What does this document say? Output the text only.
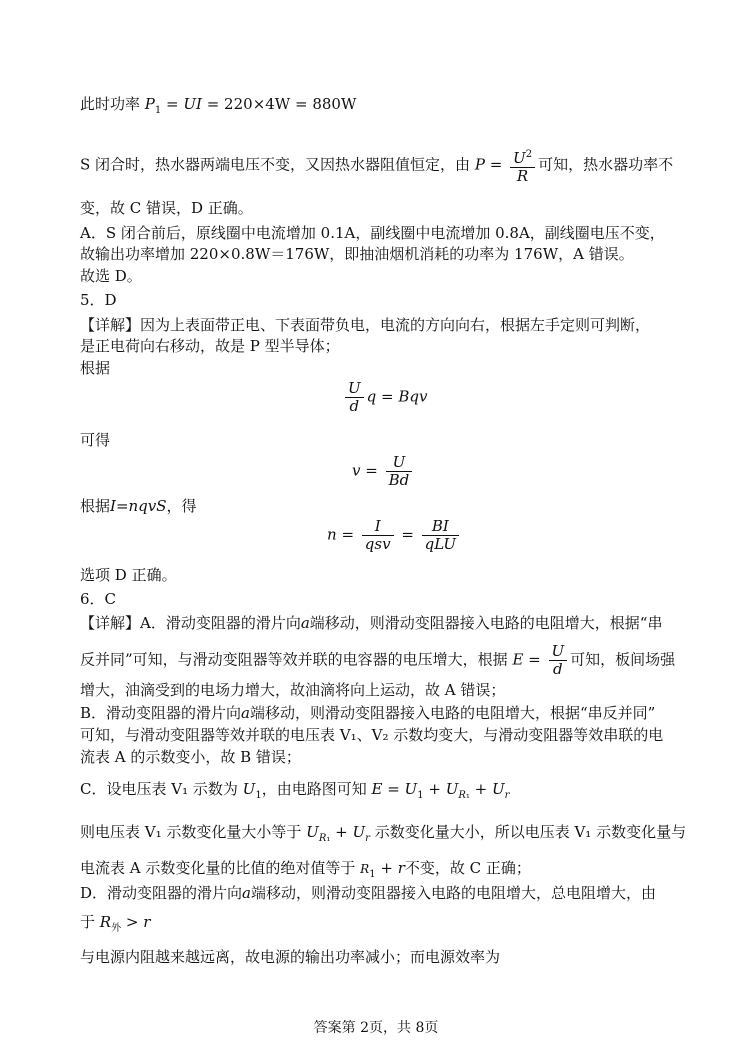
此时功率 $P_1$ = UI = 220×4W = 880W
S 闭合时，热水器两端电压不变，又因热水器阻值恒定，由 $P = \frac{U^2}{R}$ 可知，热水器功率不
变，故 C 错误，D 正确。
A．S 闭合前后，原线圈中电流增加 0.1A，副线圈中电流增加 0.8A，副线圈电压不变，
故输出功率增加 220×0.8W＝176W，即抽油烟机消耗的功率为 176W，A 错误。
故选 D。
5．D
【详解】因为上表面带正电、下表面带负电，电流的方向向右，根据左手定则可判断，
是正电荷向右移动，故是 P 型半导体；
根据
$\frac{U}{d}$ q = Bqv
可得
$v = \frac{U}{Bd}$
根据I=nqvS，得
$n = \frac{I}{\text{qsv}} = \frac{BI}{\text{qLU}}$
选项 D 正确。
6．C
【详解】A．滑动变阻器的滑片向a端移动，则滑动变阻器接入电路的电阻增大，根据“串
反并同”可知，与滑动变阻器等效并联的电容器的电压增大，根据 $E = \frac{U}{d}$ 可知，板间场强
增大，油滴受到的电场力增大，故油滴将向上运动，故 A 错误；
B．滑动变阻器的滑片向a端移动，则滑动变阻器接入电路的电阻增大，根据“串反并同”
可知，与滑动变阻器等效并联的电压表 V₁、V₂ 示数均变大，与滑动变阻器等效串联的电
流表 A 的示数变小，故 B 错误；
C．设电压表 V₁ 示数为 $U_1$，由电路图可知 $E = U_1 + U_{R_1} + U_r$
则电压表 V₁ 示数变化量大小等于 $U_{R_1} + U_r$ 示数变化量大小，所以电压表 V₁ 示数变化量与
电流表 A 示数变化量的比值的绝对值等于 $R_1 + r$不变，故 C 正确；
D．滑动变阻器的滑片向a端移动，则滑动变阻器接入电路的电阻增大，总电阻增大，由
于 $R_外 > r$
与电源内阻越来越远离，故电源的输出功率减小；而电源效率为
答案第 2页，共 8页
